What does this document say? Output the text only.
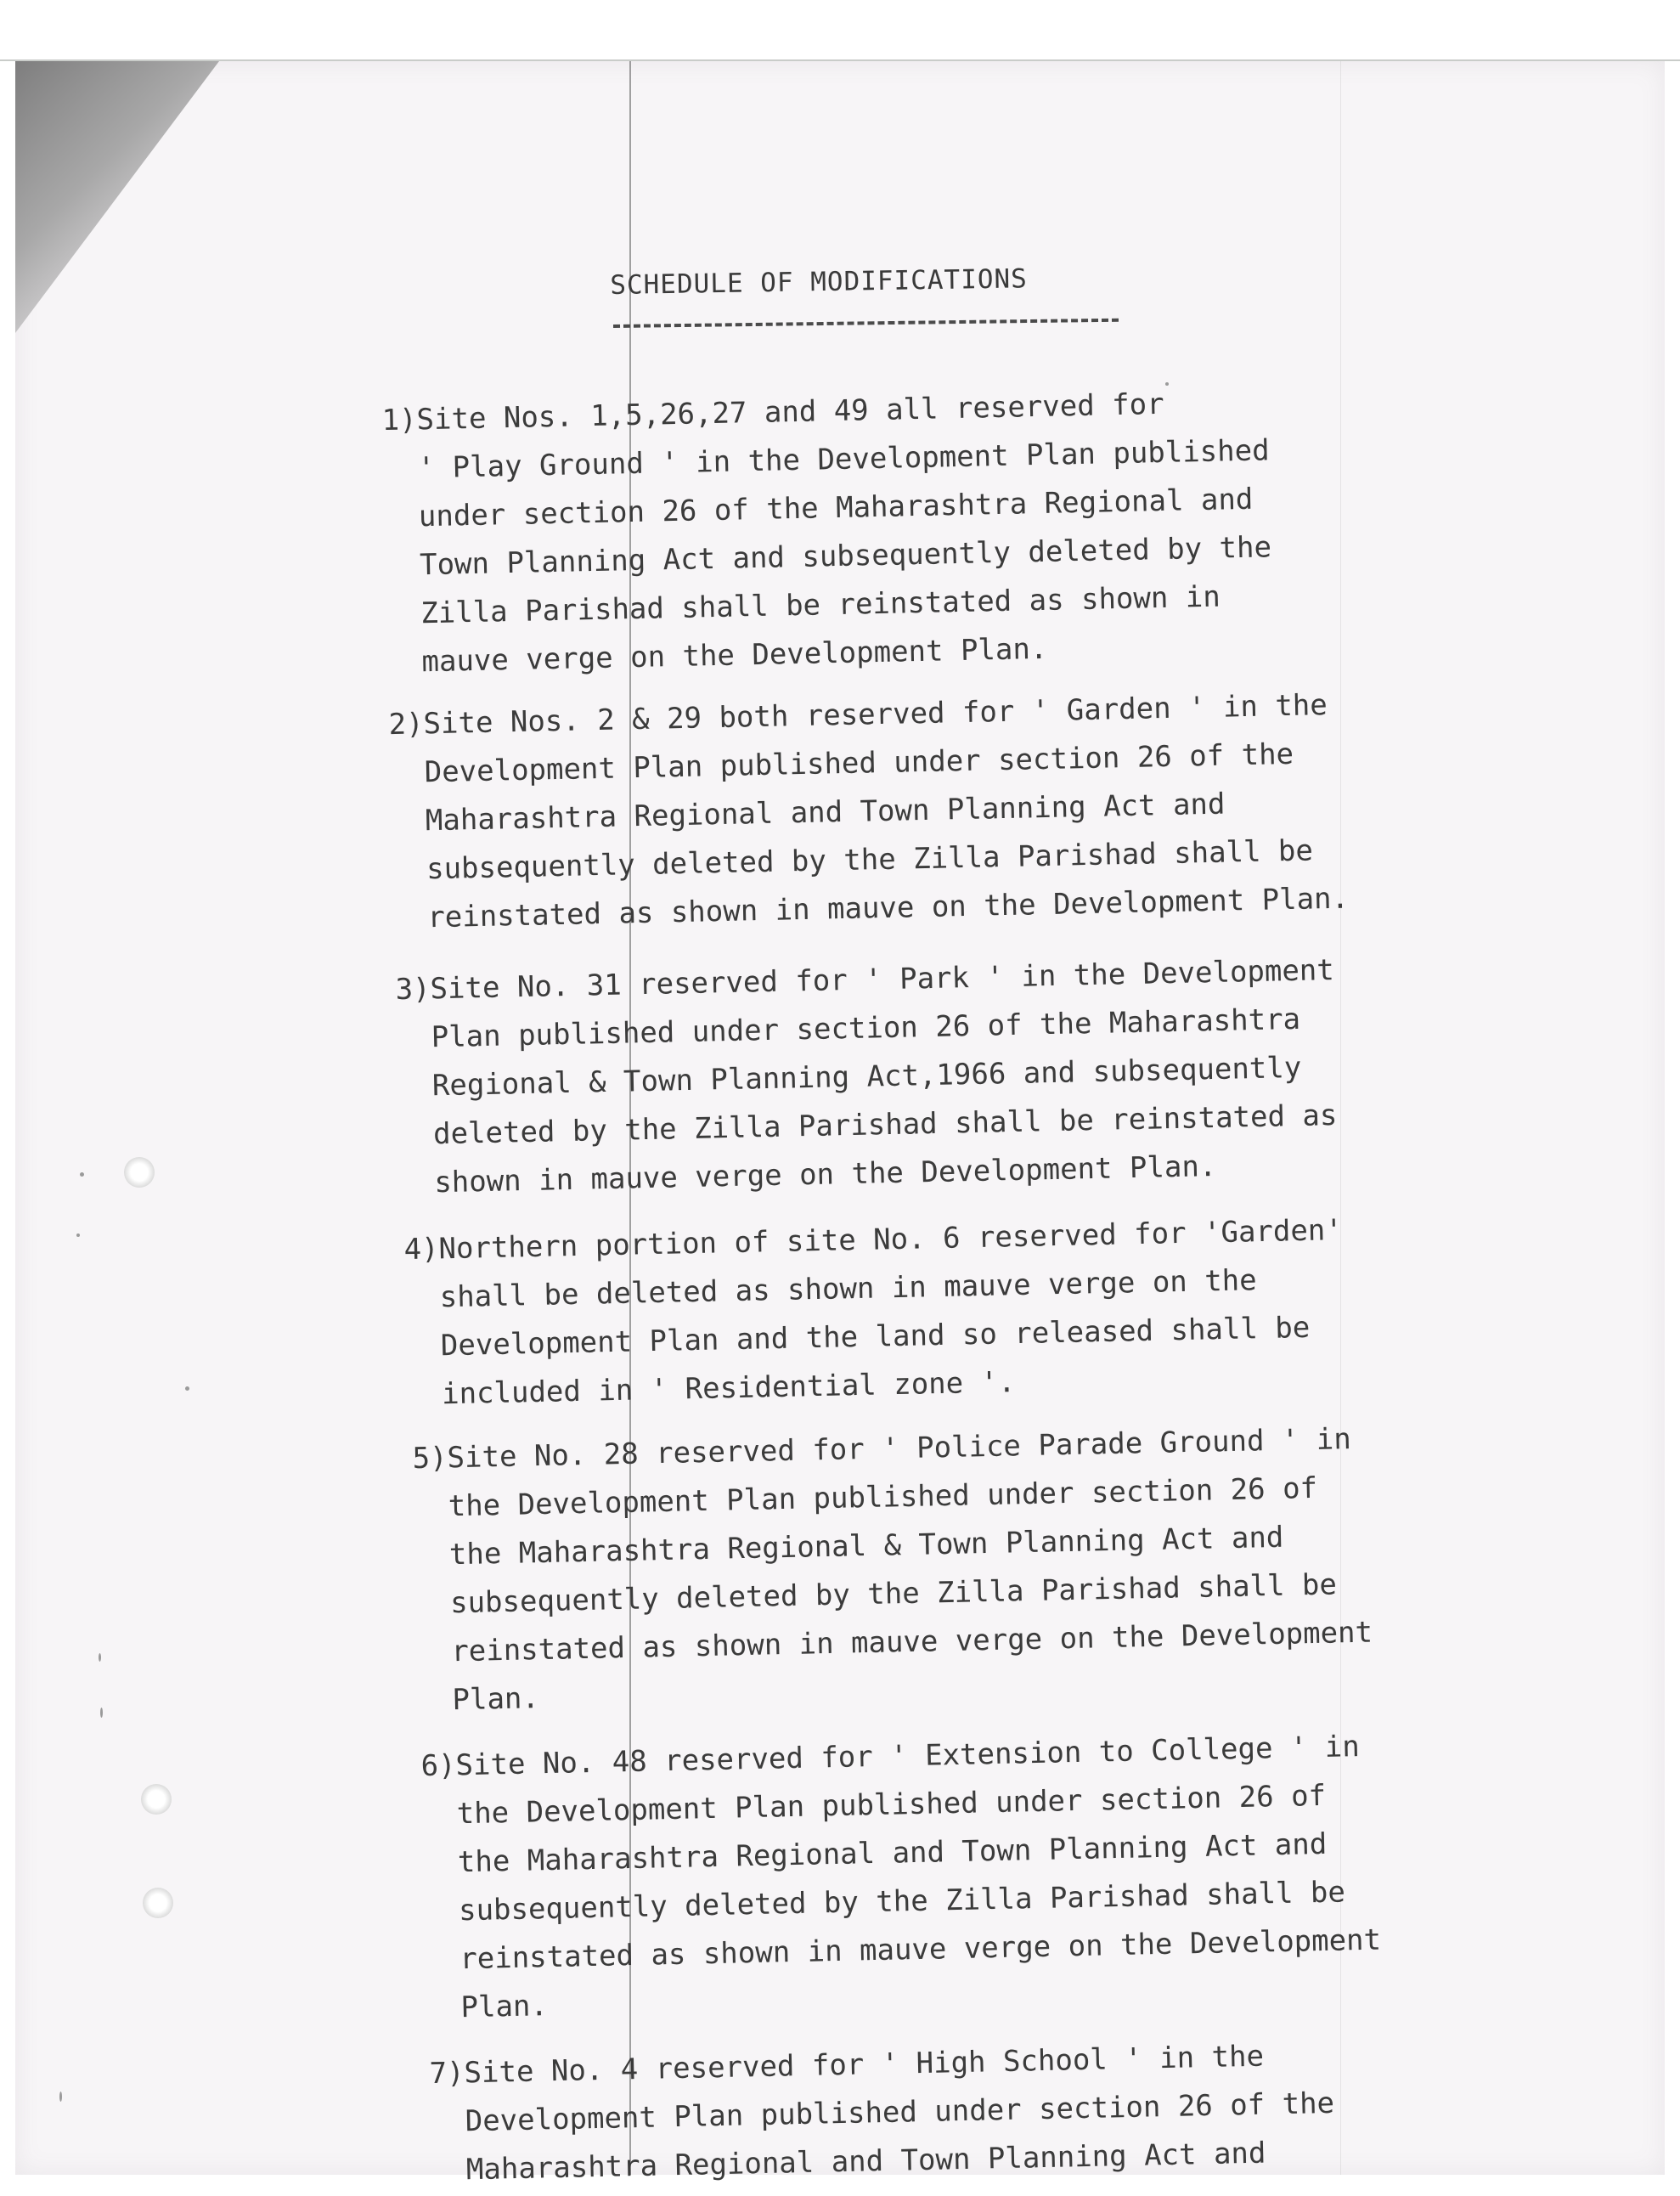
SCHEDULE OF MODIFICATIONS
1) Site Nos. 1,5,26,27 and 49 all reserved for
' Play Ground ' in the Development Plan published
under section 26 of the Maharashtra Regional and
Town Planning Act and subsequently deleted by the
Zilla Parishad shall be reinstated as shown in
mauve verge on the Development Plan.
2) Site Nos. 2 & 29 both reserved for ' Garden ' in the
Development Plan published under section 26 of the
Maharashtra Regional and Town Planning Act and
subsequently deleted by the Zilla Parishad shall be
reinstated as shown in mauve on the Development Plan.
3) Site No. 31 reserved for ' Park ' in the Development
Plan published under section 26 of the Maharashtra
Regional & Town Planning Act,1966 and subsequently
deleted by the Zilla Parishad shall be reinstated as
shown in mauve verge on the Development Plan.
4) Northern portion of site No. 6 reserved for 'Garden'
shall be deleted as shown in mauve verge on the
Development Plan and the land so released shall be
included in ' Residential zone '.
5) Site No. 28 reserved for ' Police Parade Ground ' in
the Development Plan published under section 26 of
the Maharashtra Regional & Town Planning Act and
subsequently deleted by the Zilla Parishad shall be
reinstated as shown in mauve verge on the Development
Plan.
6) Site No. 48 reserved for ' Extension to College ' in
the Development Plan published under section 26 of
the Maharashtra Regional and Town Planning Act and
subsequently deleted by the Zilla Parishad shall be
reinstated as shown in mauve verge on the Development
Plan.
7) Site No. 4 reserved for ' High School ' in the
Development Plan published under section 26 of the
Maharashtra Regional and Town Planning Act and
